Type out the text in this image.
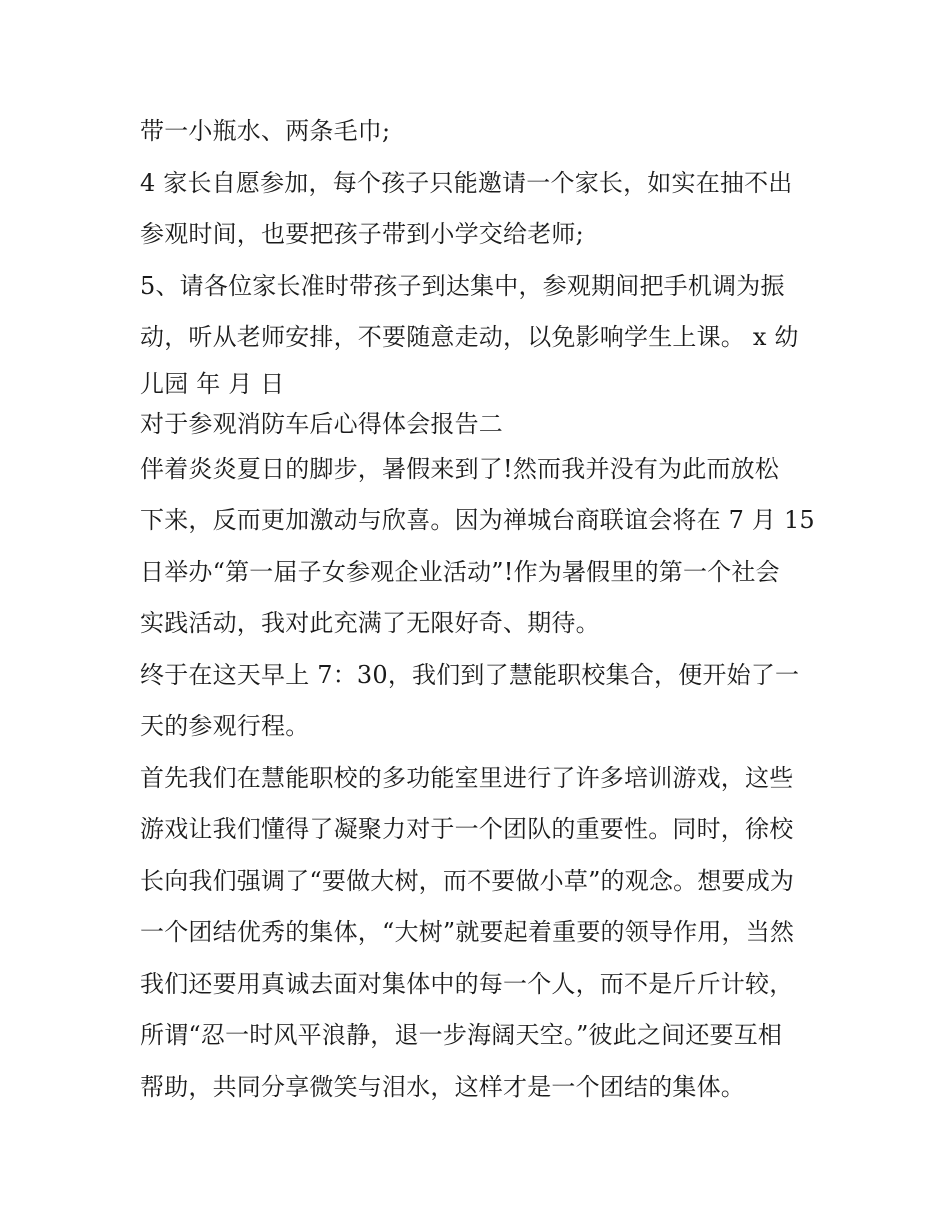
带一小瓶水、两条毛巾;
4 家长自愿参加，每个孩子只能邀请一个家长，如实在抽不出
参观时间，也要把孩子带到小学交给老师;
5、请各位家长准时带孩子到达集中，参观期间把手机调为振
动，听从老师安排，不要随意走动，以免影响学生上课。 x 幼
儿园 年 月 日
对于参观消防车后心得体会报告二
伴着炎炎夏日的脚步，暑假来到了!然而我并没有为此而放松
下来，反而更加激动与欣喜。因为禅城台商联谊会将在 7 月 15
日举办“第一届子女参观企业活动”!作为暑假里的第一个社会
实践活动，我对此充满了无限好奇、期待。
终于在这天早上 7：30，我们到了慧能职校集合，便开始了一
天的参观行程。
首先我们在慧能职校的多功能室里进行了许多培训游戏，这些
游戏让我们懂得了凝聚力对于一个团队的重要性。同时，徐校
长向我们强调了“要做大树，而不要做小草”的观念。想要成为
一个团结优秀的集体，“大树”就要起着重要的领导作用，当然
我们还要用真诚去面对集体中的每一个人，而不是斤斤计较，
所谓“忍一时风平浪静，退一步海阔天空。”彼此之间还要互相
帮助，共同分享微笑与泪水，这样才是一个团结的集体。
